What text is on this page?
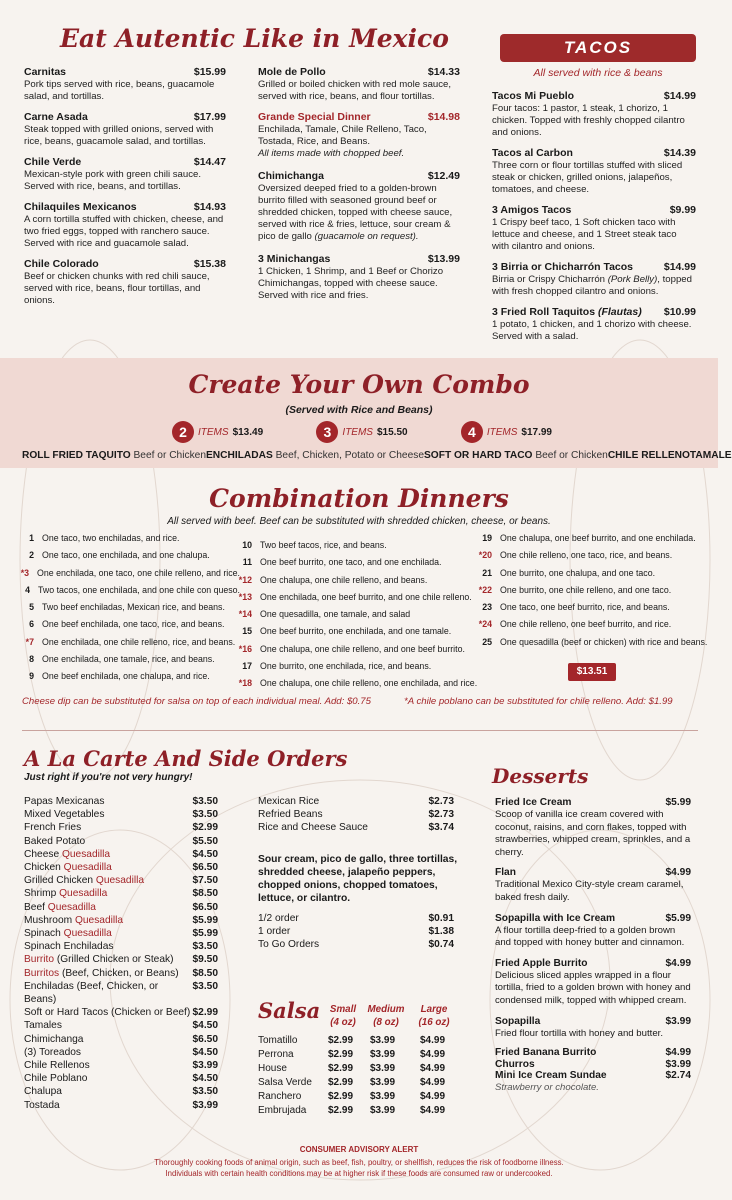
Eat Autentic Like in Mexico
Carnitas	$15.99
Pork tips served with rice, beans, guacamole salad, and tortillas.
Carne Asada	$17.99
Steak topped with grilled onions, served with rice, beans, guacamole salad, and tortillas.
Chile Verde	$14.47
Mexican-style pork with green chili sauce. Served with rice, beans, and tortillas.
Chilaquiles Mexicanos	$14.93
A corn tortilla stuffed with chicken, cheese, and two fried eggs, topped with ranchero sauce. Served with rice and guacamole salad.
Chile Colorado	$15.38
Beef or chicken chunks with red chili sauce, served with rice, beans, flour tortillas, and onions.
Mole de Pollo	$14.33
Grilled or boiled chicken with red mole sauce, served with rice, beans, and flour tortillas.
Grande Special Dinner	$14.98
Enchilada, Tamale, Chile Relleno, Taco, Tostada, Rice, and Beans.
All items made with chopped beef.
Chimichanga	$12.49
Oversized deeped fried to a golden-brown burrito filled with seasoned ground beef or shredded chicken, topped with cheese sauce, served with rice & fries, lettuce, sour cream & pico de gallo (guacamole on request).
3 Minichangas	$13.99
1 Chicken, 1 Shrimp, and 1 Beef or Chorizo Chimichangas, topped with cheese sauce. Served with rice and fries.
TACOS
All served with rice & beans
Tacos Mi Pueblo	$14.99
Four tacos: 1 pastor, 1 steak, 1 chorizo, 1 chicken. Topped with freshly chopped cilantro and onions.
Tacos al Carbon	$14.39
Three corn or flour tortillas stuffed with sliced steak or chicken, grilled onions, jalapeños, tomatoes, and cheese.
3 Amigos Tacos	$9.99
1 Crispy beef taco, 1 Soft chicken taco with lettuce and cheese, and 1 Street steak taco with cilantro and onions.
3 Birria or Chicharrón Tacos	$14.99
Birria or Crispy Chicharrón (Pork Belly), topped with fresh chopped cilantro and onions.
3 Fried Roll Taquitos (Flautas) $10.99
1 potato, 1 chicken, and 1 chorizo with cheese. Served with a salad.
Create Your Own Combo
(Served with Rice and Beans)
2	ITEMS $13.49	3	ITEMS $15.50	4	ITEMS $17.99
ROLL FRIED TAQUITO Beef or Chicken ENCHILADAS Beef, Chicken, Potato or Cheese SOFT OR HARD TACO Beef or Chicken CHILE RELLENO TAMALE
Combination Dinners
All served with beef. Beef can be substituted with shredded chicken, cheese, or beans.
1 One taco, two enchiladas, and rice.
2 One taco, one enchilada, and one chalupa.
*3 One enchilada, one taco, one chile relleno, and rice.
4 Two tacos, one enchilada, and one chile con queso.
5 Two beef enchiladas, Mexican rice, and beans.
6 One beef enchilada, one taco, rice, and beans.
*7 One enchilada, one chile relleno, rice, and beans.
8 One enchilada, one tamale, rice, and beans.
9 One beef enchilada, one chalupa, and rice.
10 Two beef tacos, rice, and beans.
11 One beef burrito, one taco, and one enchilada.
*12 One chalupa, one chile relleno, and beans.
*13 One enchilada, one beef burrito, and one chile relleno.
*14 One quesadilla, one tamale, and salad
15 One beef burrito, one enchilada, and one tamale.
*16 One chalupa, one chile relleno, and one beef burrito.
17 One burrito, one enchilada, rice, and beans.
*18 One chalupa, one chile relleno, one enchilada, and rice.
19 One chalupa, one beef burrito, and one enchilada.
*20 One chile relleno, one taco, rice, and beans.
21 One burrito, one chalupa, and one taco.
*22 One burrito, one chile relleno, and one taco.
23 One taco, one beef burrito, rice, and beans.
*24 One chile relleno, one beef burrito, and rice.
25 One quesadilla (beef or chicken) with rice and beans.
$13.51
Cheese dip can be substituted for salsa on top of each individual meal. Add: $0.75	*A chile poblano can be substituted for chile relleno. Add: $1.99
A La Carte And Side Orders
Just right if you're not very hungry!
Papas Mexicanas	$3.50
Mixed Vegetables	$3.50
French Fries	$2.99
Baked Potato	$5.50
Cheese Quesadilla	$4.50
Chicken Quesadilla	$6.50
Grilled Chicken Quesadilla	$7.50
Shrimp Quesadilla	$8.50
Beef Quesadilla	$6.50
Mushroom Quesadilla	$5.99
Spinach Quesadilla	$5.99
Spinach Enchiladas	$3.50
Burrito (Grilled Chicken or Steak) $9.50
Burritos (Beef, Chicken, or Beans) $8.50
Enchiladas (Beef, Chicken, or Beans)
$3.50
Soft or Hard Tacos (Chicken or Beef) $2.99
Tamales	$4.50
Chimichanga	$6.50
(3) Toreados	$4.50
Chile Rellenos	$3.99
Chile Poblano	$4.50
Chalupa	$3.50
Tostada	$3.99
Mexican Rice	$2.73
Refried Beans	$2.73
Rice and Cheese Sauce	$3.74
Sour cream, pico de gallo, three tortillas, shredded cheese, jalapeño peppers, chopped onions, chopped tomatoes, lettuce, or cilantro.
1/2 order	$0.91
1 order	$1.38
To Go Orders	$0.74
Salsa Small
(4 oz)
Medium
(8 oz)
Large
(16 oz)
Tomatillo	$2.99	$3.99	$4.99
Perrona	$2.99	$3.99	$4.99
House	$2.99	$3.99	$4.99
Salsa Verde	$2.99	$3.99	$4.99
Ranchero	$2.99	$3.99	$4.99
Embrujada	$2.99	$3.99	$4.99
Desserts
Fried Ice Cream	$5.99
Scoop of vanilla ice cream covered with coconut, raisins, and corn flakes, topped with strawberries, whipped cream, sprinkles, and a cherry.
Flan	$4.99
Traditional Mexico City-style cream caramel, baked fresh daily.
Sopapilla with Ice Cream	$5.99
A flour tortilla deep-fried to a golden brown and topped with honey butter and cinnamon.
Fried Apple Burrito	$4.99
Delicious sliced apples wrapped in a flour tortilla, fried to a golden brown with honey and condensed milk, topped with whipped cream.
Sopapilla	$3.99
Fried flour tortilla with honey and butter.
Fried Banana Burrito	$4.99
Churros	$3.99
Mini Ice Cream Sundae	$2.74
Strawberry or chocolate.
CONSUMER ADVISORY ALERT
Thoroughly cooking foods of animal origin, such as beef, fish, poultry, or shellfish, reduces the risk of foodborne illness.
Individuals with certain health conditions may be at higher risk if these foods are consumed raw or undercooked.
